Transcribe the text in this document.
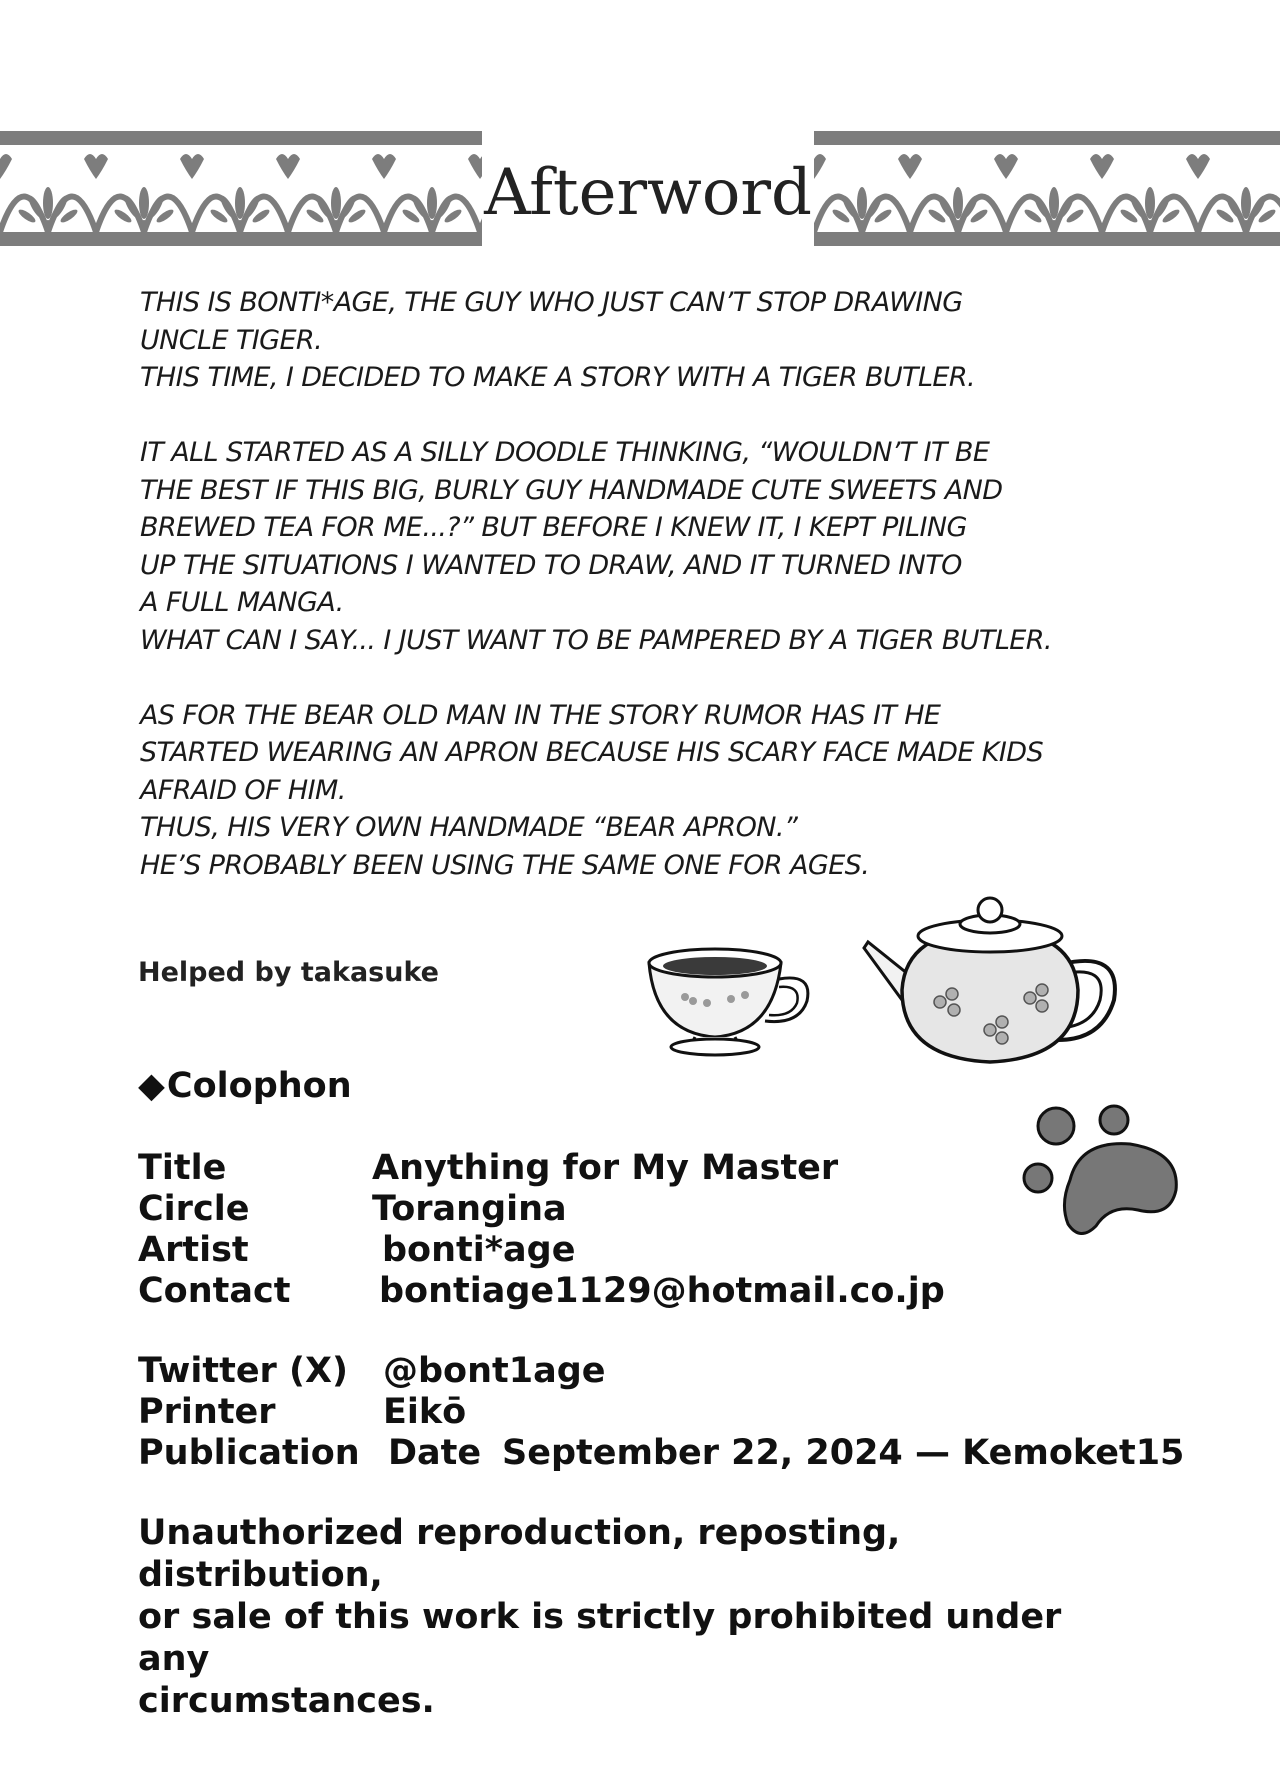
Afterword

THIS IS BONTI*AGE, THE GUY WHO JUST CAN’T STOP DRAWING
UNCLE TIGER.
THIS TIME, I DECIDED TO MAKE A STORY WITH A TIGER BUTLER.

IT ALL STARTED AS A SILLY DOODLE THINKING, “WOULDN’T IT BE
THE BEST IF THIS BIG, BURLY GUY HANDMADE CUTE SWEETS AND
BREWED TEA FOR ME...?” BUT BEFORE I KNEW IT, I KEPT PILING
UP THE SITUATIONS I WANTED TO DRAW, AND IT TURNED INTO
A FULL MANGA.
WHAT CAN I SAY... I JUST WANT TO BE PAMPERED BY A TIGER BUTLER.

AS FOR THE BEAR OLD MAN IN THE STORY RUMOR HAS IT HE
STARTED WEARING AN APRON BECAUSE HIS SCARY FACE MADE KIDS
AFRAID OF HIM.
THUS, HIS VERY OWN HANDMADE “BEAR APRON.”
HE’S PROBABLY BEEN USING THE SAME ONE FOR AGES.

Helped by takasuke
◆Colophon
Title	Anything for My Master
Circle	Torangina
Artist	bonti*age
Contact	bontiage1129@hotmail.co.jp
Twitter (X) @bont1age
Printer	Eikō
Publication Date September 22, 2024 — Kemoket15
Unauthorized reproduction, reposting, distribution,
or sale of this work is strictly prohibited under any
circumstances.
